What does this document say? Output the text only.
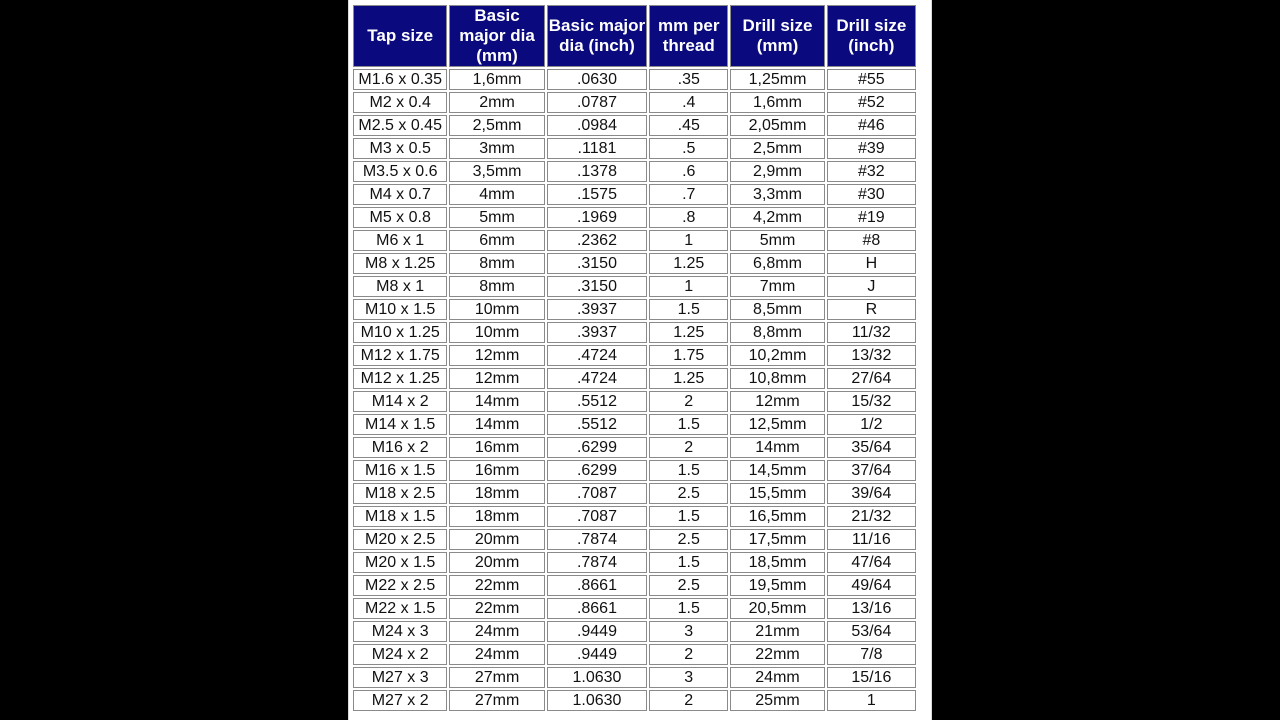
Tap size	Basic major dia (mm)	Basic major dia (inch)	mm per thread	Drill size (mm)	Drill size (inch)
M1.6 x 0.35	1,6mm	.0630	.35	1,25mm	#55
M2 x 0.4	2mm	.0787	.4	1,6mm	#52
M2.5 x 0.45	2,5mm	.0984	.45	2,05mm	#46
M3 x 0.5	3mm	.1181	.5	2,5mm	#39
M3.5 x 0.6	3,5mm	.1378	.6	2,9mm	#32
M4 x 0.7	4mm	.1575	.7	3,3mm	#30
M5 x 0.8	5mm	.1969	.8	4,2mm	#19
M6 x 1	6mm	.2362	1	5mm	#8
M8 x 1.25	8mm	.3150	1.25	6,8mm	H
M8 x 1	8mm	.3150	1	7mm	J
M10 x 1.5	10mm	.3937	1.5	8,5mm	R
M10 x 1.25	10mm	.3937	1.25	8,8mm	11/32
M12 x 1.75	12mm	.4724	1.75	10,2mm	13/32
M12 x 1.25	12mm	.4724	1.25	10,8mm	27/64
M14 x 2	14mm	.5512	2	12mm	15/32
M14 x 1.5	14mm	.5512	1.5	12,5mm	1/2
M16 x 2	16mm	.6299	2	14mm	35/64
M16 x 1.5	16mm	.6299	1.5	14,5mm	37/64
M18 x 2.5	18mm	.7087	2.5	15,5mm	39/64
M18 x 1.5	18mm	.7087	1.5	16,5mm	21/32
M20 x 2.5	20mm	.7874	2.5	17,5mm	11/16
M20 x 1.5	20mm	.7874	1.5	18,5mm	47/64
M22 x 2.5	22mm	.8661	2.5	19,5mm	49/64
M22 x 1.5	22mm	.8661	1.5	20,5mm	13/16
M24 x 3	24mm	.9449	3	21mm	53/64
M24 x 2	24mm	.9449	2	22mm	7/8
M27 x 3	27mm	1.0630	3	24mm	15/16
M27 x 2	27mm	1.0630	2	25mm	1
